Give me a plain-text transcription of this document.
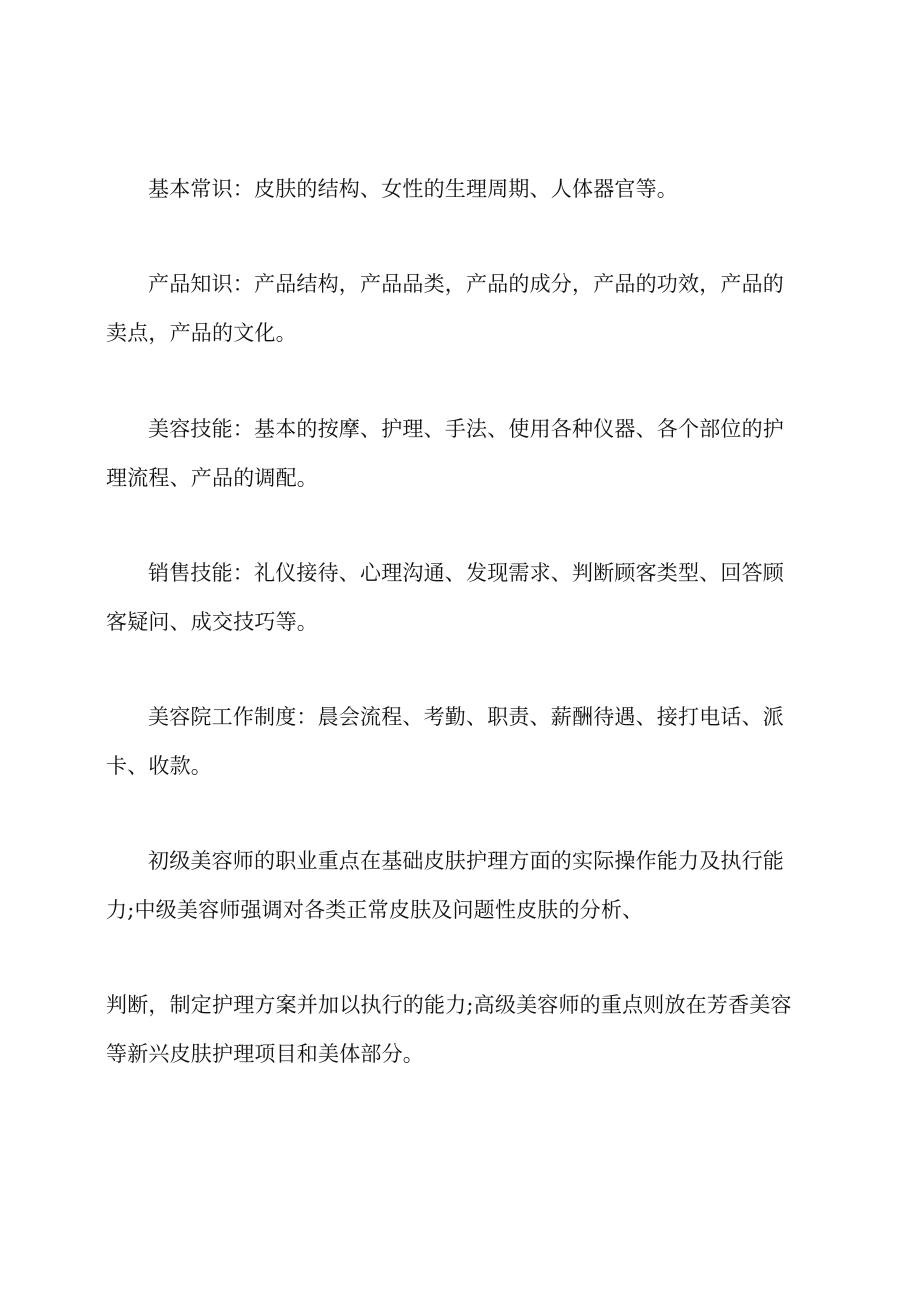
基本常识：皮肤的结构、女性的生理周期、人体器官等。

产品知识：产品结构，产品品类，产品的成分，产品的功效，产品的

卖点，产品的文化。

美容技能：基本的按摩、护理、手法、使用各种仪器、各个部位的护

理流程、产品的调配。

销售技能：礼仪接待、心理沟通、发现需求、判断顾客类型、回答顾

客疑问、成交技巧等。

美容院工作制度：晨会流程、考勤、职责、薪酬待遇、接打电话、派

卡、收款。

初级美容师的职业重点在基础皮肤护理方面的实际操作能力及执行能

力;中级美容师强调对各类正常皮肤及问题性皮肤的分析、

判断，制定护理方案并加以执行的能力;高级美容师的重点则放在芳香美容

等新兴皮肤护理项目和美体部分。
